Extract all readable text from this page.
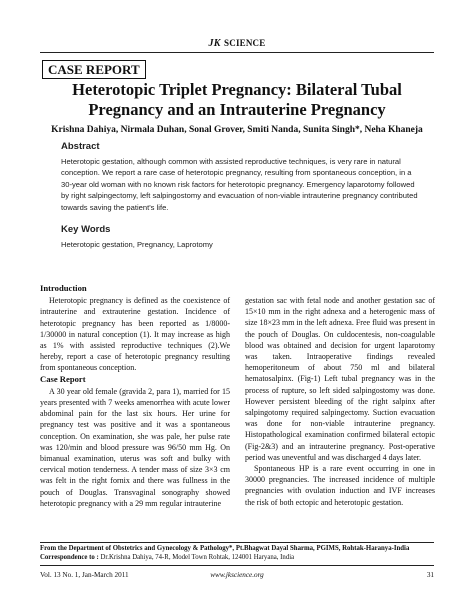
JK SCIENCE
CASE REPORT
Heterotopic Triplet Pregnancy: Bilateral Tubal
Pregnancy and an Intrauterine Pregnancy
Krishna Dahiya, Nirmala Duhan, Sonal Grover, Smiti Nanda, Sunita Singh*, Neha Khaneja
Abstract

Heterotopic gestation, although common with assisted reproductive techniques, is very rare in natural conception. We report a rare case of heterotopic pregnancy, resulting from spontaneous conception, in a 30-year old woman with no known risk factors for heterotopic pregnancy. Emergency laparotomy followed by right salpingectomy, left salpingostomy and evacuation of non-viable intrauterine pregnancy contributed towards saving the patient's life.

Key Words

Heterotopic gestation, Pregnancy, Laprotomy

Introduction

Heterotopic pregnancy is defined as the coexistence of intrauterine and extrauterine gestation. Incidence of heterotopic pregnancy has been reported as 1/8000-1/30000 in natural conception (1). It may increase as high as 1% with assisted reproductive techniques (2).We hereby, report a case of heterotopic pregnancy resulting from spontaneous conception.

Case Report

A 30 year old female (gravida 2, para 1), married for 15 years presented with 7 weeks amenorrhea with acute lower abdominal pain for the last six hours. Her urine for pregnancy test was positive and it was a spontaneous conception. On examination, she was pale, her pulse rate was 120/min and blood pressure was 96/50 mm Hg. On bimanual examination, uterus was soft and bulky with cervical motion tenderness. A tender mass of size 3×3 cm was felt in the right fornix and there was fullness in the pouch of Douglas. Transvaginal sonography showed heterotopic pregnancy with a 29 mm regular intrauterine

gestation sac with fetal node and another gestation sac of 15×10 mm in the right adnexa and a heterogenic mass of size 18×23 mm in the left adnexa. Free fluid was present in the pouch of Douglas. On culdocentesis, non-coagulable blood was obtained and decision for urgent laparotomy was taken. Intraoperative findings revealed hemoperitoneum of about 750 ml and bilateral hematosalpinx. (Fig-1) Left tubal pregnancy was in the process of rupture, so left sided salpingostomy was done. However persistent bleeding of the right salpinx after salpingotomy required salpingectomy. Suction evacuation was done for non-viable intrauterine pregnancy. Histopathological examination confirmed bilateral ectopic (Fig-2&3) and an intrauterine pregnancy. Post-operative period was uneventful and was discharged 4 days later.

Spontaneous HP is a rare event occurring in one in 30000 pregnancies. The increased incidence of multiple pregnancies with ovulation induction and IVF increases the risk of both ectopic and heterotopic gestation.

From the Department of Obstetrics and Gynecology & Pathology*, Pt.Bhagwat Dayal Sharma, PGIMS, Rohtak-Haranya-India
Correspondence to : Dr.Krishna Dahiya, 74-R, Model Town Rohtak, 124001 Haryana, India
Vol. 13 No. 1, Jan-March 2011	www.jkscience.org	31
